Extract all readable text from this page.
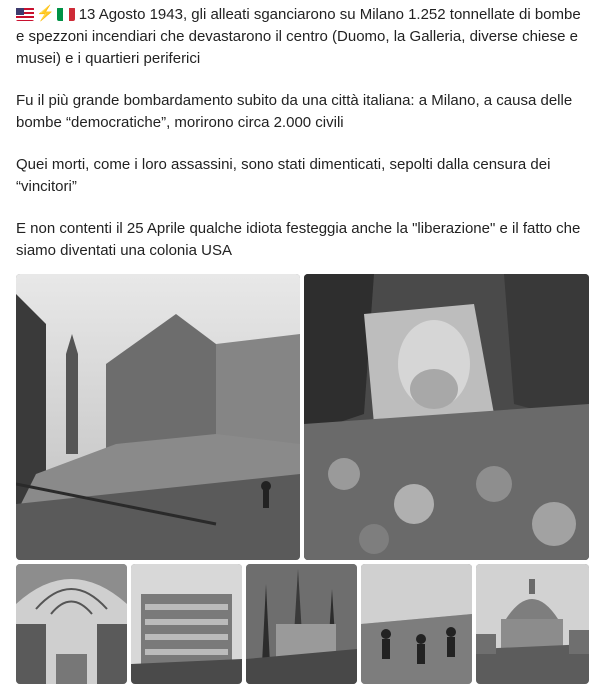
⚡ 13 Agosto 1943, gli alleati sganciarono su Milano 1.252 tonnellate di bombe e spezzoni incendiari che devastarono il centro (Duomo, la Galleria, diverse chiese e musei) e i quartieri periferici

Fu il più grande bombardamento subito da una città italiana: a Milano, a causa delle bombe “democratiche”, morirono circa 2.000 civili

Quei morti, come i loro assassini, sono stati dimenticati, sepolti dalla censura dei “vincitori”

E non contenti il 25 Aprile qualche idiota festeggia anche la "liberazione" e il fatto che siamo diventati una colonia USA
